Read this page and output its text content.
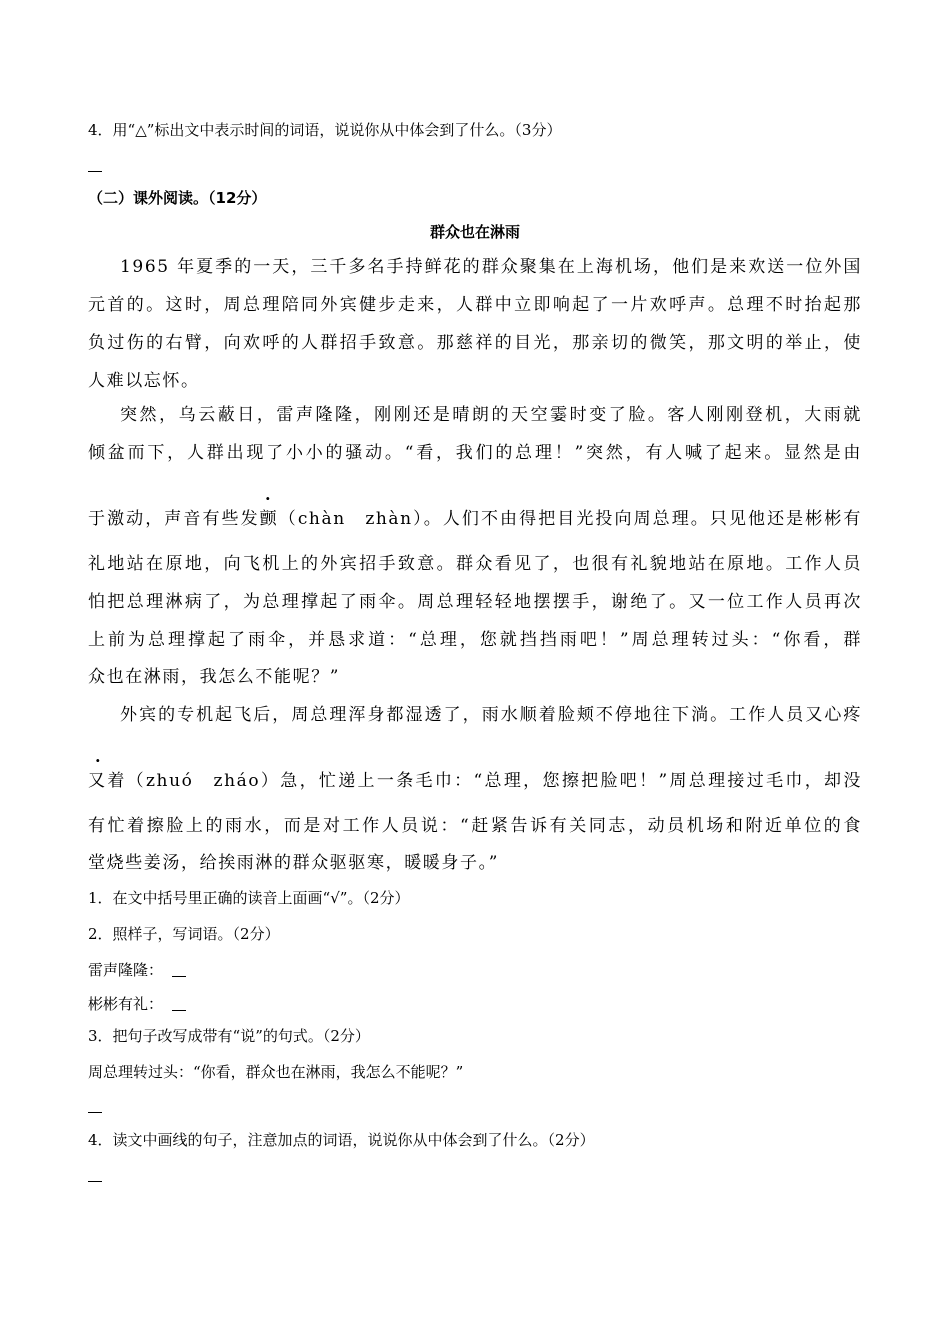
4．用“△”标出文中表示时间的词语，说说你从中体会到了什么。（3分）
（二）课外阅读。（12分）
群众也在淋雨
1965 年夏季的一天，三千多名手持鲜花的群众聚集在上海机场，他们是来欢送一位外国
元首的。这时，周总理陪同外宾健步走来，人群中立即响起了一片欢呼声。总理不时抬起那
负过伤的右臂，向欢呼的人群招手致意。那慈祥的目光，那亲切的微笑，那文明的举止，使
人难以忘怀。
突然，乌云蔽日，雷声隆隆，刚刚还是晴朗的天空霎时变了脸。客人刚刚登机，大雨就
倾盆而下，人群出现了小小的骚动。“看，我们的总理！”突然，有人喊了起来。显然是由
.
于激动，声音有些发颤（chàn　zhàn）。人们不由得把目光投向周总理。只见他还是彬彬有
礼地站在原地，向飞机上的外宾招手致意。群众看见了，也很有礼貌地站在原地。工作人员
怕把总理淋病了，为总理撑起了雨伞。周总理轻轻地摆摆手，谢绝了。又一位工作人员再次
上前为总理撑起了雨伞，并恳求道：“总理，您就挡挡雨吧！”周总理转过头：“你看，群
众也在淋雨，我怎么不能呢？”
外宾的专机起飞后，周总理浑身都湿透了，雨水顺着脸颊不停地往下淌。工作人员又心疼
.
又着（zhuó　zháo）急，忙递上一条毛巾：“总理，您擦把脸吧！”周总理接过毛巾，却没
有忙着擦脸上的雨水，而是对工作人员说：“赶紧告诉有关同志，动员机场和附近单位的食
堂烧些姜汤，给挨雨淋的群众驱驱寒，暖暖身子。”
1．在文中括号里正确的读音上面画“√”。（2分）
2．照样子，写词语。（2分）
雷声隆隆：
彬彬有礼：
3．把句子改写成带有“说”的句式。（2分）
周总理转过头：“你看，群众也在淋雨，我怎么不能呢？”
4．读文中画线的句子，注意加点的词语，说说你从中体会到了什么。（2分）
